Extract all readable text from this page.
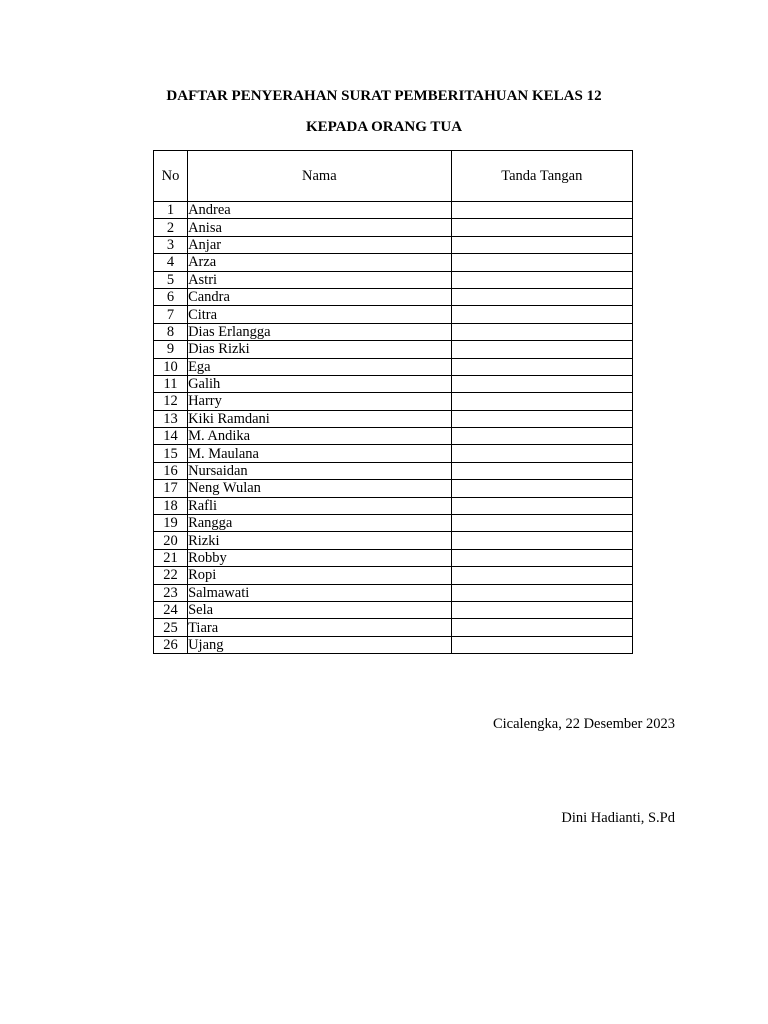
DAFTAR PENYERAHAN SURAT PEMBERITAHUAN KELAS 12
KEPADA ORANG TUA
No	Nama	Tanda Tangan
1	Andrea	
2	Anisa	
3	Anjar	
4	Arza	
5	Astri	
6	Candra	
7	Citra	
8	Dias Erlangga	
9	Dias Rizki	
10	Ega	
11	Galih	
12	Harry	
13	Kiki Ramdani	
14	M. Andika	
15	M. Maulana	
16	Nursaidan	
17	Neng Wulan	
18	Rafli	
19	Rangga	
20	Rizki	
21	Robby	
22	Ropi	
23	Salmawati	
24	Sela	
25	Tiara	
26	Ujang	

Cicalengka, 22 Desember 2023

Dini Hadianti, S.Pd
